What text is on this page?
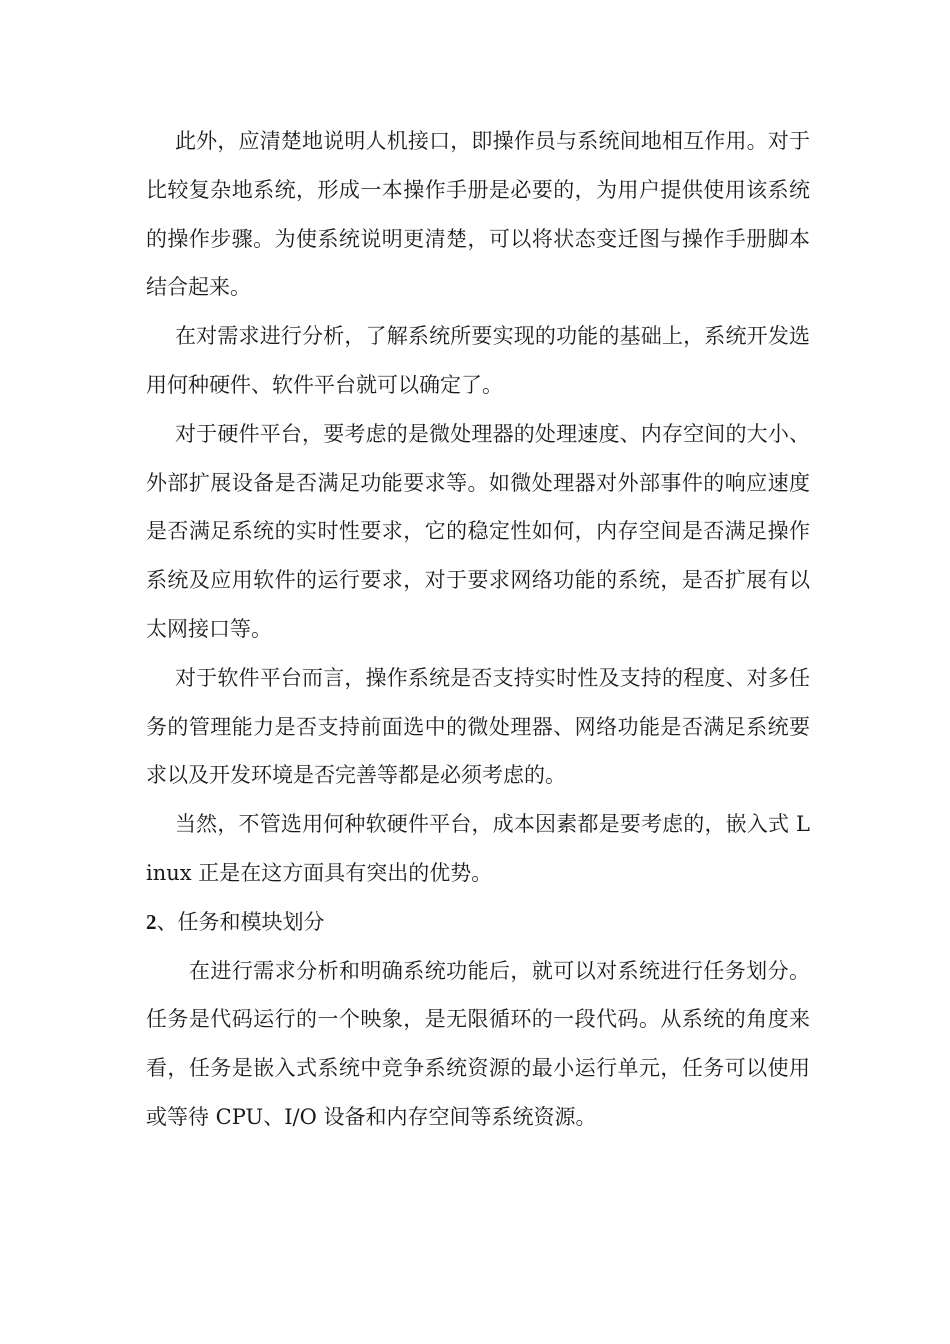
此外，应清楚地说明人机接口，即操作员与系统间地相互作用。对于比较复杂地系统，形成一本操作手册是必要的，为用户提供使用该系统的操作步骤。为使系统说明更清楚，可以将状态变迁图与操作手册脚本结合起来。

在对需求进行分析，了解系统所要实现的功能的基础上，系统开发选用何种硬件、软件平台就可以确定了。

对于硬件平台，要考虑的是微处理器的处理速度、内存空间的大小、外部扩展设备是否满足功能要求等。如微处理器对外部事件的响应速度是否满足系统的实时性要求，它的稳定性如何，内存空间是否满足操作系统及应用软件的运行要求，对于要求网络功能的系统，是否扩展有以太网接口等。

对于软件平台而言，操作系统是否支持实时性及支持的程度、对多任务的管理能力是否支持前面选中的微处理器、网络功能是否满足系统要求以及开发环境是否完善等都是必须考虑的。

当然，不管选用何种软硬件平台，成本因素都是要考虑的，嵌入式 Linux 正是在这方面具有突出的优势。

2、任务和模块划分

在进行需求分析和明确系统功能后，就可以对系统进行任务划分。任务是代码运行的一个映象，是无限循环的一段代码。从系统的角度来看，任务是嵌入式系统中竞争系统资源的最小运行单元，任务可以使用或等待 CPU、I/O 设备和内存空间等系统资源。
